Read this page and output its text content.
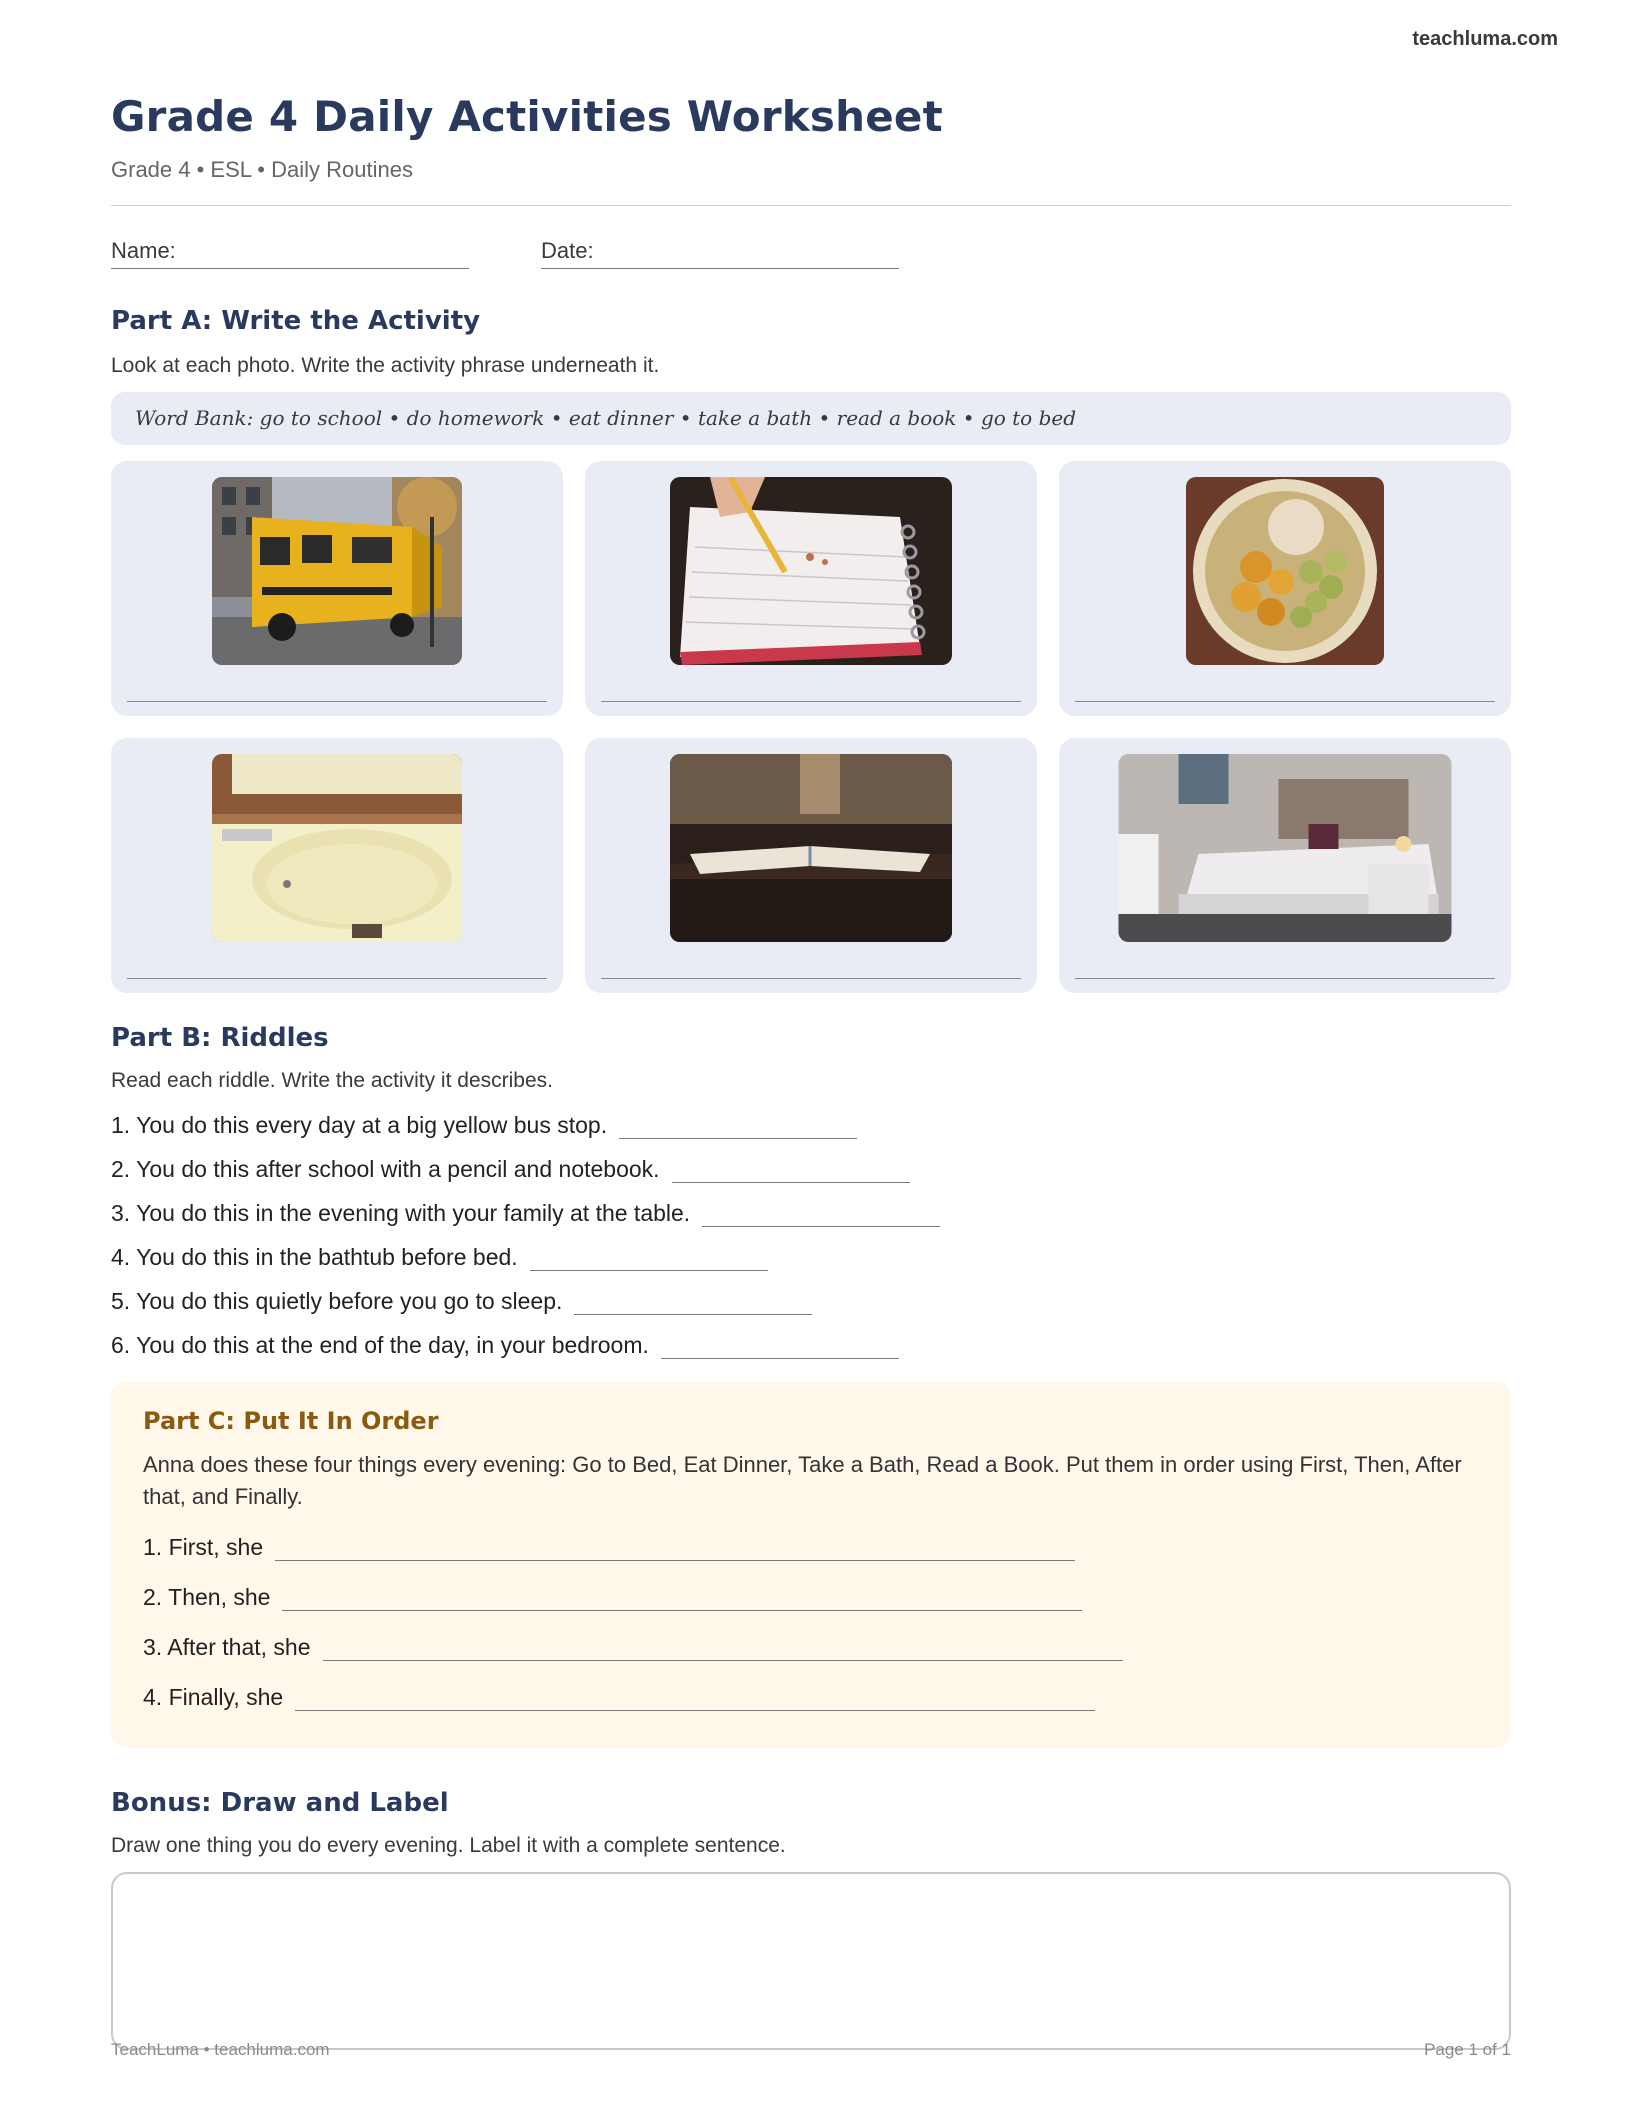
teachluma.com
Grade 4 Daily Activities Worksheet
Grade 4 • ESL • Daily Routines
Name:	Date:
Part A: Write the Activity
Look at each photo. Write the activity phrase underneath it.
Word Bank: go to school • do homework • eat dinner • take a bath • read a book • go to bed
Part B: Riddles
Read each riddle. Write the activity it describes.
1. You do this every day at a big yellow bus stop.
2. You do this after school with a pencil and notebook.
3. You do this in the evening with your family at the table.
4. You do this in the bathtub before bed.
5. You do this quietly before you go to sleep.
6. You do this at the end of the day, in your bedroom.
Part C: Put It In Order
Anna does these four things every evening: Go to Bed, Eat Dinner, Take a Bath, Read a Book. Put them in order using First, Then, After that, and Finally.
1. First, she
2. Then, she
3. After that, she
4. Finally, she
Bonus: Draw and Label
Draw one thing you do every evening. Label it with a complete sentence.
TeachLuma • teachluma.com	Page 1 of 1
